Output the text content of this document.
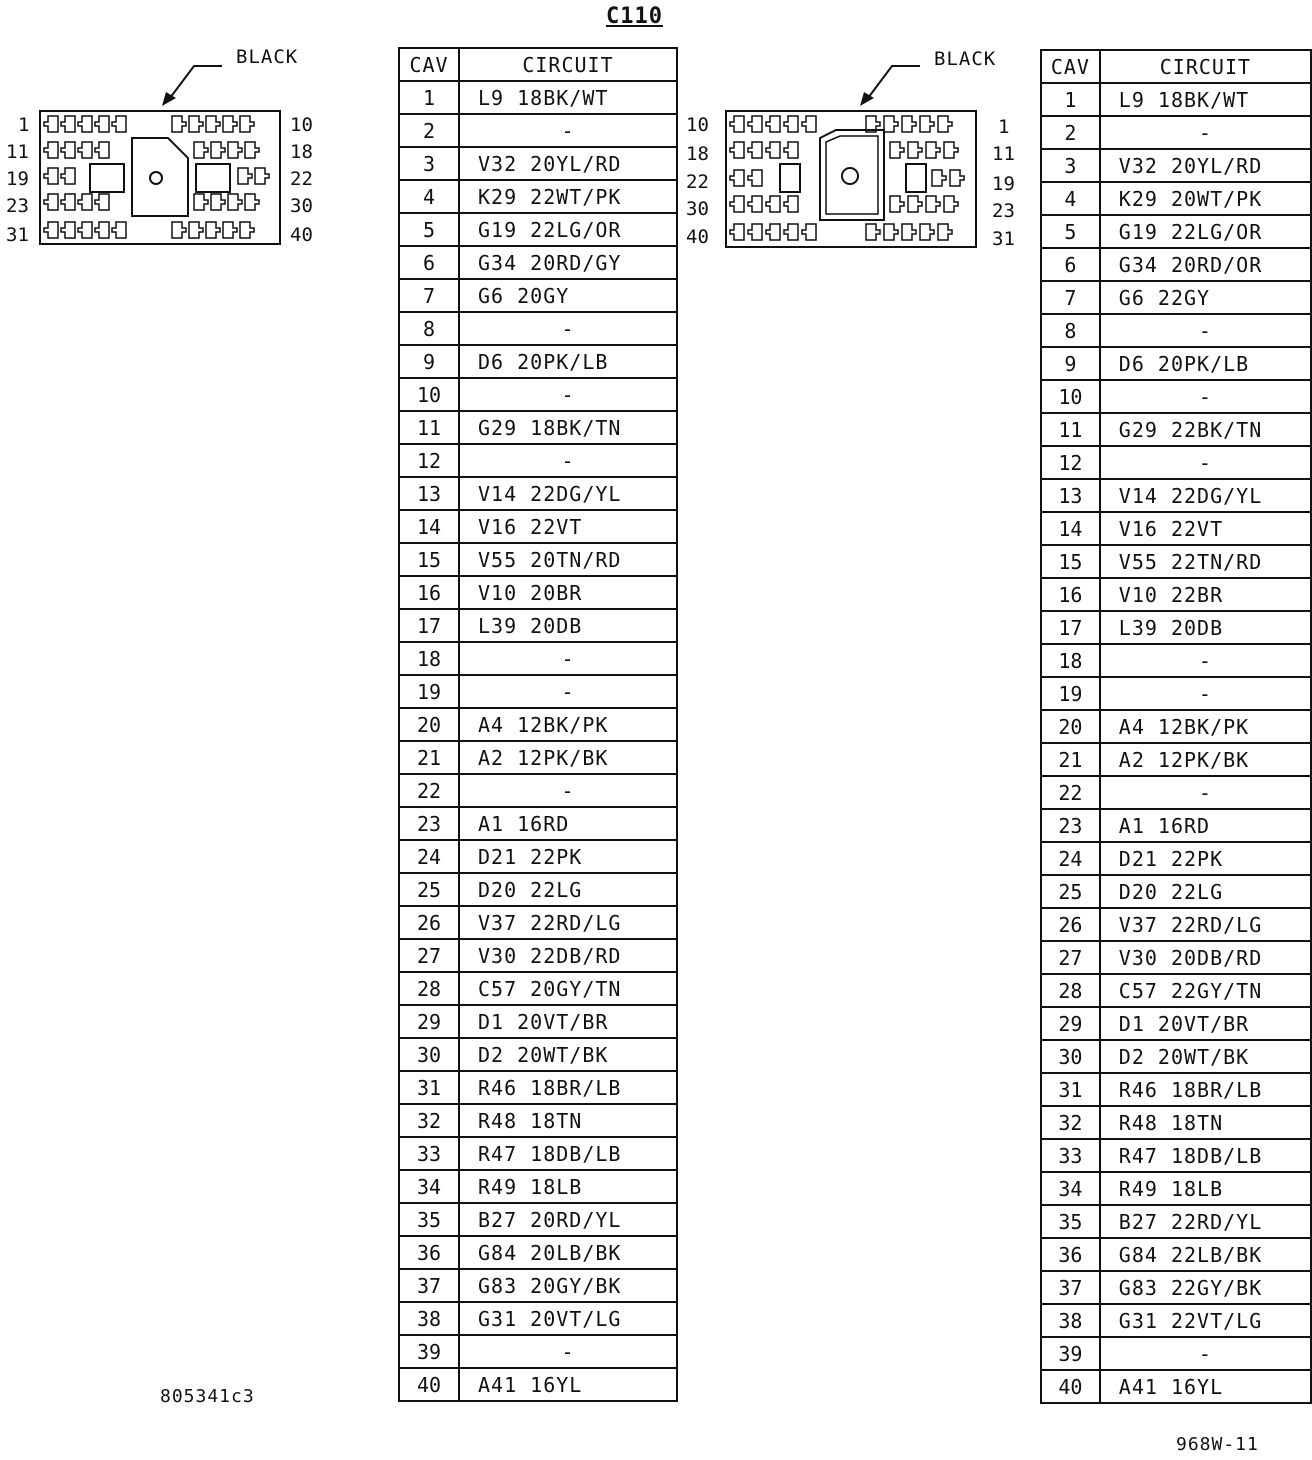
C110
BLACK
1
11
19
23
31
10
18
22
30
40
CAV	CIRCUIT
1	L9 18BK/WT
2	-
3	V32 20YL/RD
4	K29 22WT/PK
5	G19 22LG/OR
6	G34 20RD/GY
7	G6 20GY
8	-
9	D6 20PK/LB
10	-
11	G29 18BK/TN
12	-
13	V14 22DG/YL
14	V16 22VT
15	V55 20TN/RD
16	V10 20BR
17	L39 20DB
18	-
19	-
20	A4 12BK/PK
21	A2 12PK/BK
22	-
23	A1 16RD
24	D21 22PK
25	D20 22LG
26	V37 22RD/LG
27	V30 22DB/RD
28	C57 20GY/TN
29	D1 20VT/BR
30	D2 20WT/BK
31	R46 18BR/LB
32	R48 18TN
33	R47 18DB/LB
34	R49 18LB
35	B27 20RD/YL
36	G84 20LB/BK
37	G83 20GY/BK
38	G31 20VT/LG
39	-
40	A41 16YL
BLACK
10
18
22
30
40
1
11
19
23
31
CAV	CIRCUIT
1	L9 18BK/WT
2	-
3	V32 20YL/RD
4	K29 20WT/PK
5	G19 22LG/OR
6	G34 20RD/OR
7	G6 22GY
8	-
9	D6 20PK/LB
10	-
11	G29 22BK/TN
12	-
13	V14 22DG/YL
14	V16 22VT
15	V55 22TN/RD
16	V10 22BR
17	L39 20DB
18	-
19	-
20	A4 12BK/PK
21	A2 12PK/BK
22	-
23	A1 16RD
24	D21 22PK
25	D20 22LG
26	V37 22RD/LG
27	V30 20DB/RD
28	C57 22GY/TN
29	D1 20VT/BR
30	D2 20WT/BK
31	R46 18BR/LB
32	R48 18TN
33	R47 18DB/LB
34	R49 18LB
35	B27 22RD/YL
36	G84 22LB/BK
37	G83 22GY/BK
38	G31 22VT/LG
39	-
40	A41 16YL
805341c3
968W-11
